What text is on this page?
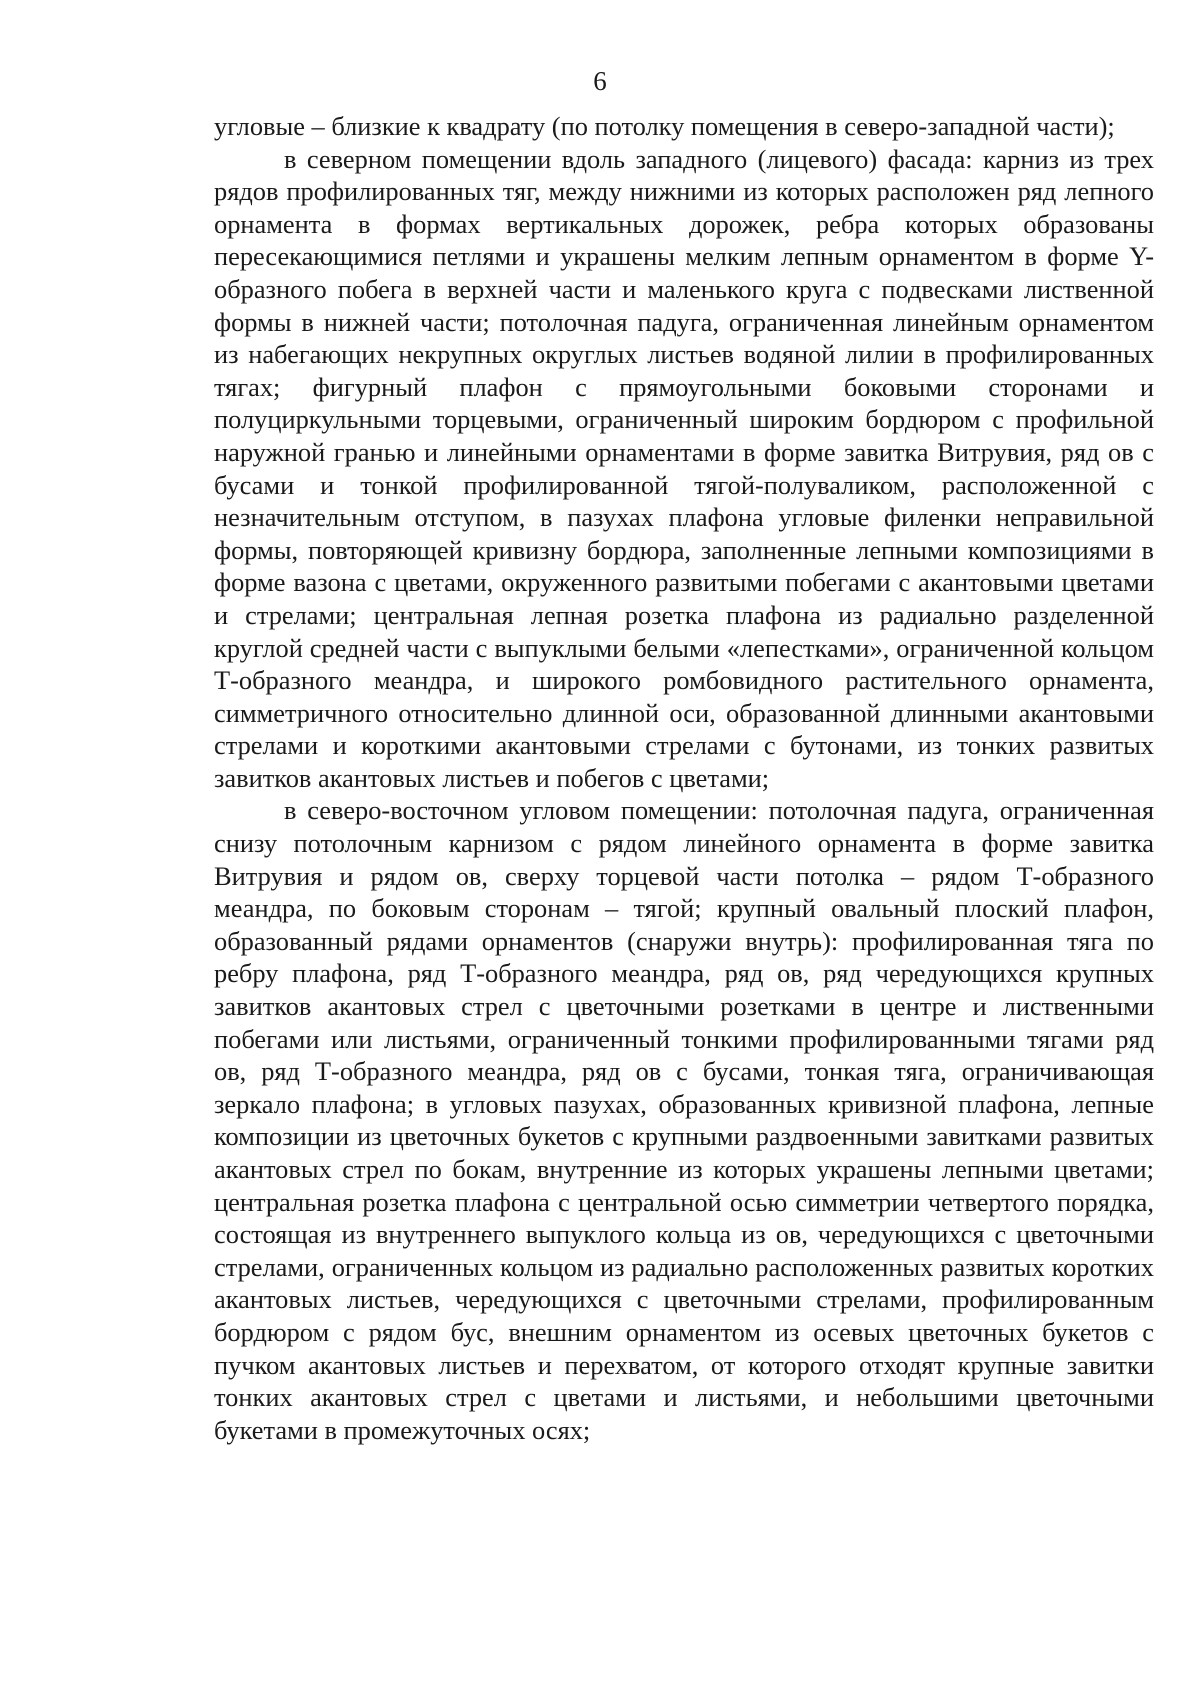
6

угловые – близкие к квадрату (по потолку помещения в северо-западной части);

в северном помещении вдоль западного (лицевого) фасада: карниз из трех рядов профилированных тяг, между нижними из которых расположен ряд лепного орнамента в формах вертикальных дорожек, ребра которых образованы пересекающимися петлями и украшены мелким лепным орнаментом в форме Y-образного побега в верхней части и маленького круга с подвесками лиственной формы в нижней части; потолочная падуга, ограниченная линейным орнаментом из набегающих некрупных округлых листьев водяной лилии в профилированных тягах; фигурный плафон с прямоугольными боковыми сторонами и полуциркульными торцевыми, ограниченный широким бордюром с профильной наружной гранью и линейными орнаментами в форме завитка Витрувия, ряд ов с бусами и тонкой профилированной тягой-полуваликом, расположенной с незначительным отступом, в пазухах плафона угловые филенки неправильной формы, повторяющей кривизну бордюра, заполненные лепными композициями в форме вазона с цветами, окруженного развитыми побегами с акантовыми цветами и стрелами; центральная лепная розетка плафона из радиально разделенной круглой средней части с выпуклыми белыми «лепестками», ограниченной кольцом Т-образного меандра, и широкого ромбовидного растительного орнамента, симметричного относительно длинной оси, образованной длинными акантовыми стрелами и короткими акантовыми стрелами с бутонами, из тонких развитых завитков акантовых листьев и побегов с цветами;

в северо-восточном угловом помещении: потолочная падуга, ограниченная снизу потолочным карнизом с рядом линейного орнамента в форме завитка Витрувия и рядом ов, сверху торцевой части потолка – рядом Т-образного меандра, по боковым сторонам – тягой; крупный овальный плоский плафон, образованный рядами орнаментов (снаружи внутрь): профилированная тяга по ребру плафона, ряд Т-образного меандра, ряд ов, ряд чередующихся крупных завитков акантовых стрел с цветочными розетками в центре и лиственными побегами или листьями, ограниченный тонкими профилированными тягами ряд ов, ряд Т-образного меандра, ряд ов с бусами, тонкая тяга, ограничивающая зеркало плафона; в угловых пазухах, образованных кривизной плафона, лепные композиции из цветочных букетов с крупными раздвоенными завитками развитых акантовых стрел по бокам, внутренние из которых украшены лепными цветами; центральная розетка плафона с центральной осью симметрии четвертого порядка, состоящая из внутреннего выпуклого кольца из ов, чередующихся с цветочными стрелами, ограниченных кольцом из радиально расположенных развитых коротких акантовых листьев, чередующихся с цветочными стрелами, профилированным бордюром с рядом бус, внешним орнаментом из осевых цветочных букетов с пучком акантовых листьев и перехватом, от которого отходят крупные завитки тонких акантовых стрел с цветами и листьями, и небольшими цветочными букетами в промежуточных осях;
